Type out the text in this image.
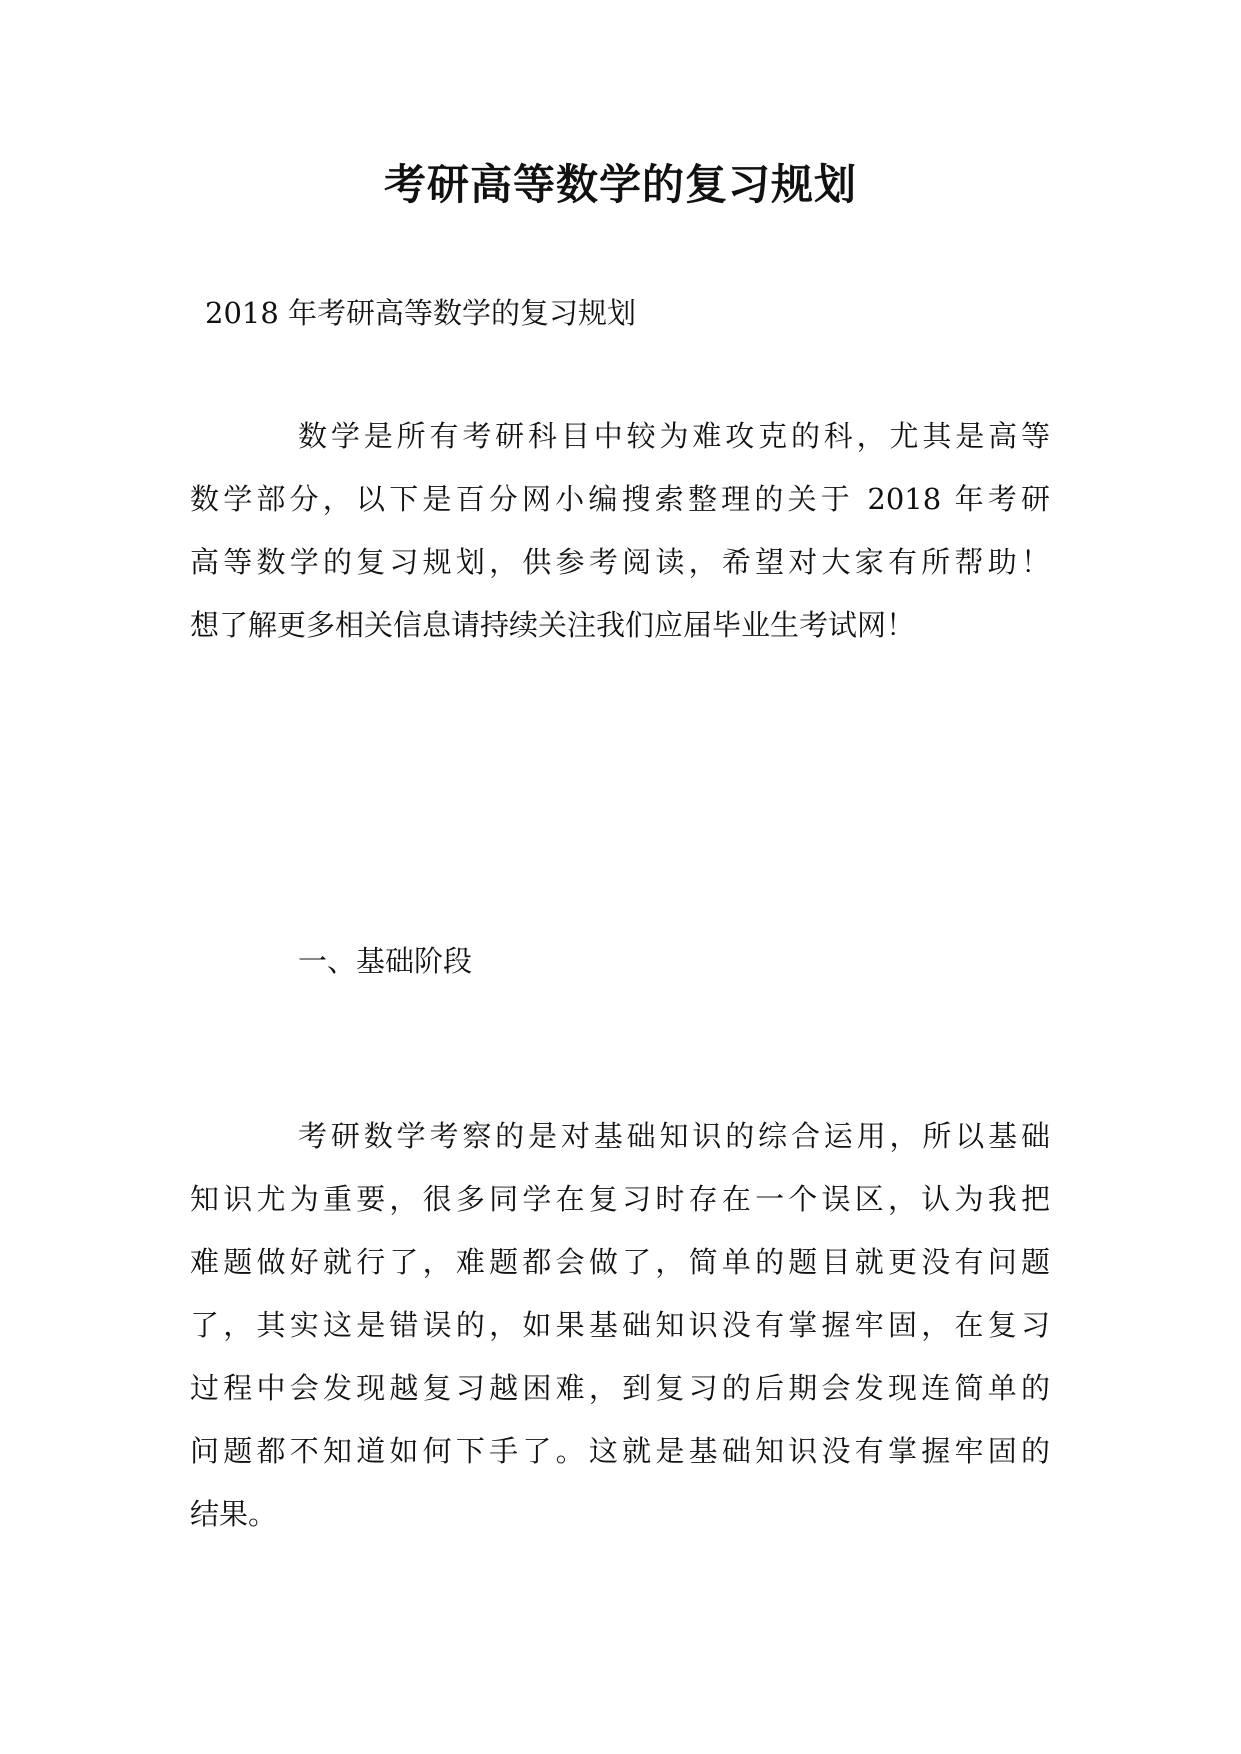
考研高等数学的复习规划
2018 年考研高等数学的复习规划
数学是所有考研科目中较为难攻克的科，尤其是高等
数学部分，以下是百分网小编搜索整理的关于 2018 年考研
高等数学的复习规划，供参考阅读，希望对大家有所帮助！
想了解更多相关信息请持续关注我们应届毕业生考试网！
一、基础阶段
考研数学考察的是对基础知识的综合运用，所以基础
知识尤为重要，很多同学在复习时存在一个误区，认为我把
难题做好就行了，难题都会做了，简单的题目就更没有问题
了，其实这是错误的，如果基础知识没有掌握牢固，在复习
过程中会发现越复习越困难，到复习的后期会发现连简单的
问题都不知道如何下手了。这就是基础知识没有掌握牢固的
结果。
